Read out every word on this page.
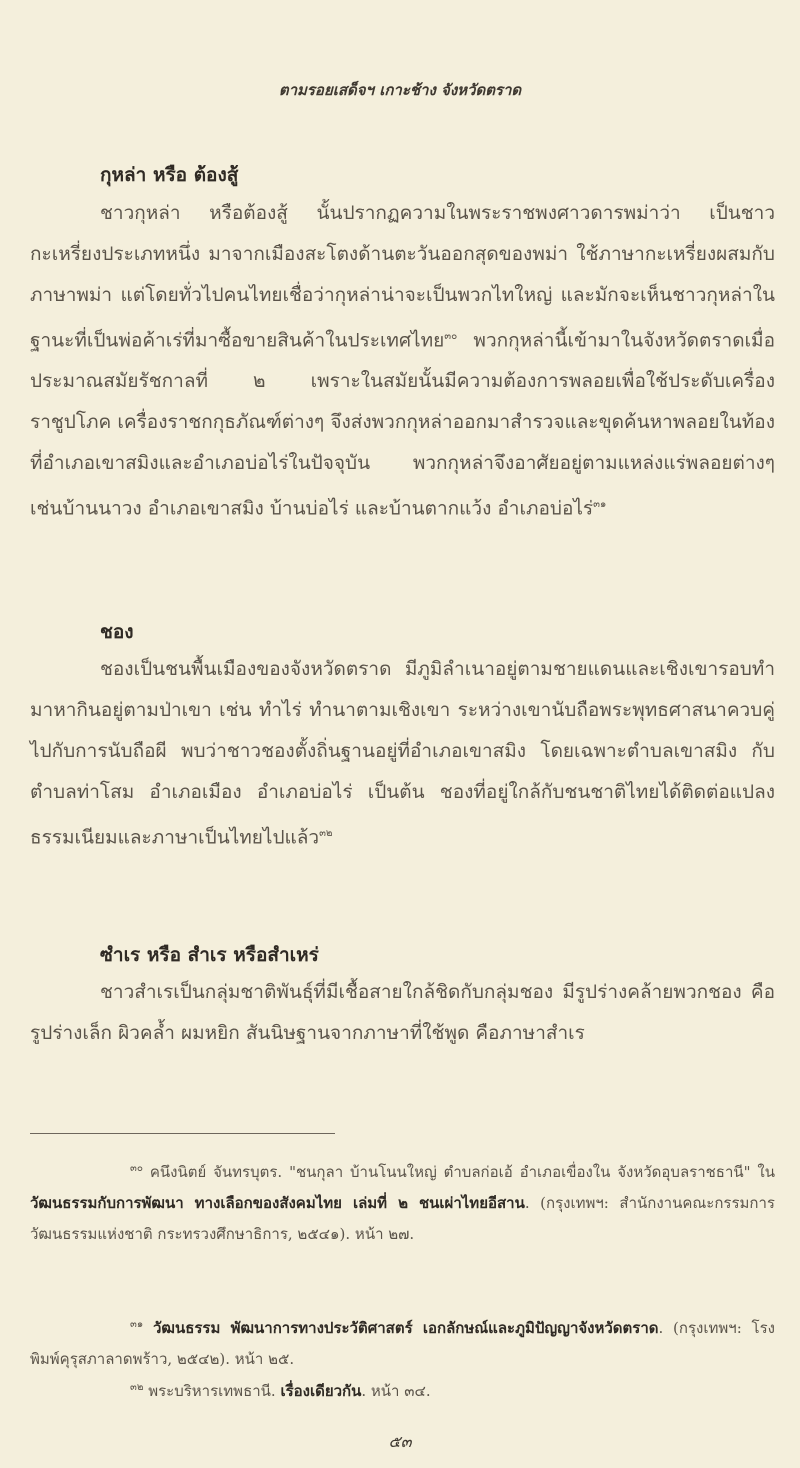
ตามรอยเสด็จฯ เกาะช้าง จังหวัดตราด
กุหล่า หรือ ต้องสู้
ชาวกุหล่า หรือต้องสู้ นั้นปรากฏความในพระราชพงศาวดารพม่าว่า เป็นชาวกะเหรี่ยงประเภทหนึ่ง มาจากเมืองสะโตงด้านตะวันออกสุดของพม่า ใช้ภาษากะเหรี่ยงผสมกับภาษาพม่า แต่โดยทั่วไปคนไทยเชื่อว่ากุหล่าน่าจะเป็นพวกไทใหญ่ และมักจะเห็นชาวกุหล่าในฐานะที่เป็นพ่อค้าเร่ที่มาซื้อขายสินค้าในประเทศไทย$^{๓๐}$ พวกกุหล่านี้เข้ามาในจังหวัดตราดเมื่อประมาณสมัยรัชกาลที่ ๒ เพราะในสมัยนั้นมีความต้องการพลอยเพื่อใช้ประดับเครื่องราชูปโภค เครื่องราชกกุธภัณฑ์ต่างๆ จึงส่งพวกกุหล่าออกมาสำรวจและขุดค้นหาพลอยในท้องที่อำเภอเขาสมิงและอำเภอบ่อไร่ในปัจจุบัน พวกกุหล่าจึงอาศัยอยู่ตามแหล่งแร่พลอยต่างๆ เช่นบ้านนาวง อำเภอเขาสมิง บ้านบ่อไร่ และบ้านตากแว้ง อำเภอบ่อไร่$^{๓๑}$
ชอง
ชองเป็นชนพื้นเมืองของจังหวัดตราด มีภูมิลำเนาอยู่ตามชายแดนและเชิงเขารอบทำมาหากินอยู่ตามป่าเขา เช่น ทำไร่ ทำนาตามเชิงเขา ระหว่างเขานับถือพระพุทธศาสนาควบคู่ไปกับการนับถือผี พบว่าชาวชองตั้งถิ่นฐานอยู่ที่อำเภอเขาสมิง โดยเฉพาะตำบลเขาสมิง กับตำบลท่าโสม อำเภอเมือง อำเภอบ่อไร่ เป็นต้น ชองที่อยู่ใกล้กับชนชาติไทยได้ติดต่อแปลงธรรมเนียมและภาษาเป็นไทยไปแล้ว$^{๓๒}$
ซำเร หรือ สำเร หรือสำเหร่
ชาวสำเรเป็นกลุ่มชาติพันธุ์ที่มีเชื้อสายใกล้ชิดกับกลุ่มชอง มีรูปร่างคล้ายพวกชอง คือรูปร่างเล็ก ผิวคล้ำ ผมหยิก สันนิษฐานจากภาษาที่ใช้พูด คือภาษาสำเร
$^{๓๐}$ คนึงนิตย์ จันทรบุตร. "ชนกุลา บ้านโนนใหญ่ ตำบลก่อเอ้ อำเภอเขื่องใน จังหวัดอุบลราชธานี" ใน วัฒนธรรมกับการพัฒนา ทางเลือกของสังคมไทย เล่มที่ ๒ ชนเผ่าไทยอีสาน. (กรุงเทพฯ: สำนักงานคณะกรรมการวัฒนธรรมแห่งชาติ กระทรวงศึกษาธิการ, ๒๕๔๑). หน้า ๒๗.
$^{๓๑}$ วัฒนธรรม พัฒนาการทางประวัติศาสตร์ เอกลักษณ์และภูมิปัญญาจังหวัดตราด. (กรุงเทพฯ: โรงพิมพ์คุรุสภาลาดพร้าว, ๒๕๔๒). หน้า ๒๕.
$^{๓๒}$ พระบริหารเทพธานี. เรื่องเดียวกัน. หน้า ๓๔.
๕๓
